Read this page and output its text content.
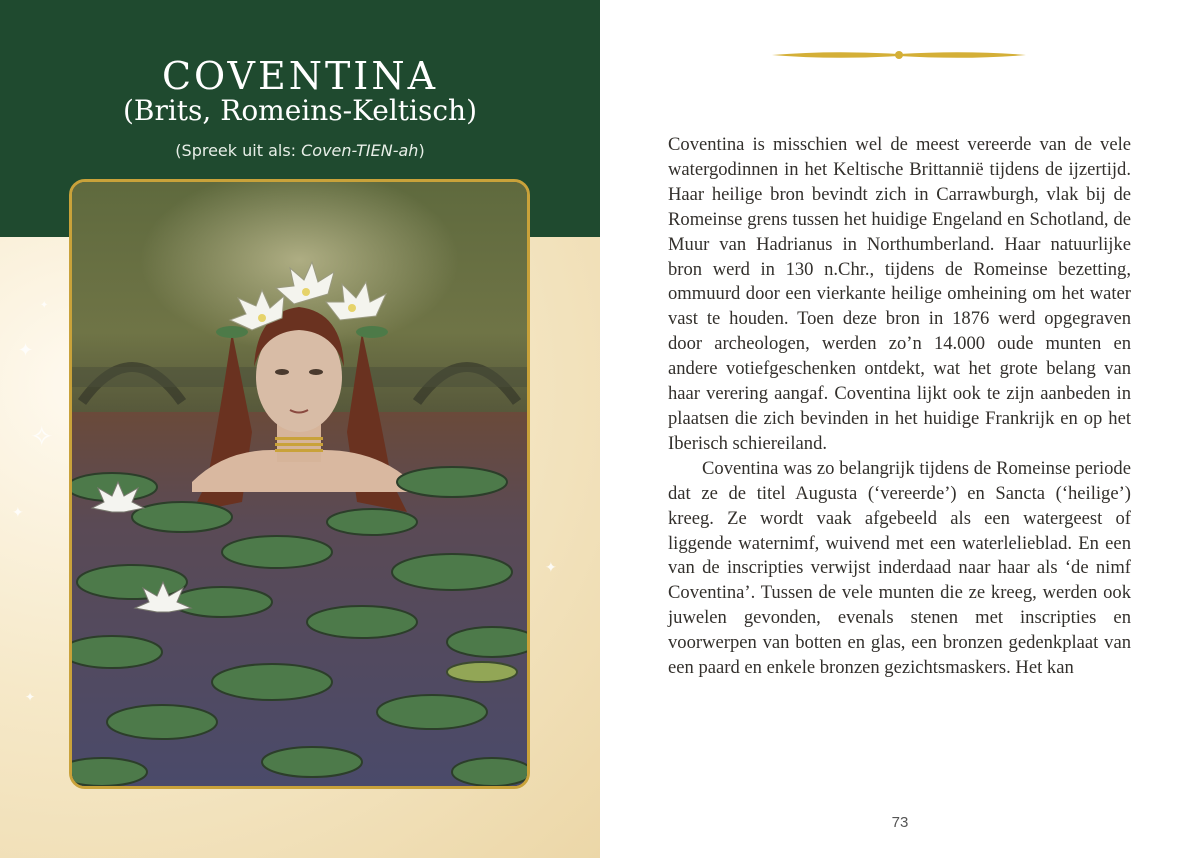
COVENTINA
(Brits, Romeins-Keltisch)
(Spreek uit als: Coven-TIEN-ah)
✦
✧
✦
✦
✦
✦

Coventina is misschien wel de meest vereerde van de vele watergodinnen in het Keltische Brittannië tijdens de ijzertijd. Haar heilige bron bevindt zich in Carrawburgh, vlak bij de Romeinse grens tussen het huidige Engeland en Schotland, de Muur van Hadrianus in Northumberland. Haar natuurlijke bron werd in 130 n.Chr., tijdens de Romeinse bezetting, ommuurd door een vierkante heilige omheining om het water vast te houden. Toen deze bron in 1876 werd opgegraven door archeologen, werden zo’n 14.000 oude munten en andere votiefgeschenken ontdekt, wat het grote belang van haar verering aangaf. Coventina lijkt ook te zijn aanbeden in plaatsen die zich bevinden in het huidige Frankrijk en op het Iberisch schiereiland.

Coventina was zo belangrijk tijdens de Romeinse periode dat ze de titel Augusta (‘vereerde’) en Sancta (‘heilige’) kreeg. Ze wordt vaak afgebeeld als een watergeest of liggende waternimf, wuivend met een waterlelieblad. En een van de inscripties verwijst inderdaad naar haar als ‘de nimf Coventina’. Tussen de vele munten die ze kreeg, werden ook juwelen gevonden, evenals stenen met inscripties en voorwerpen van botten en glas, een bronzen gedenkplaat van een paard en enkele bronzen gezichtsmaskers. Het kan

73
